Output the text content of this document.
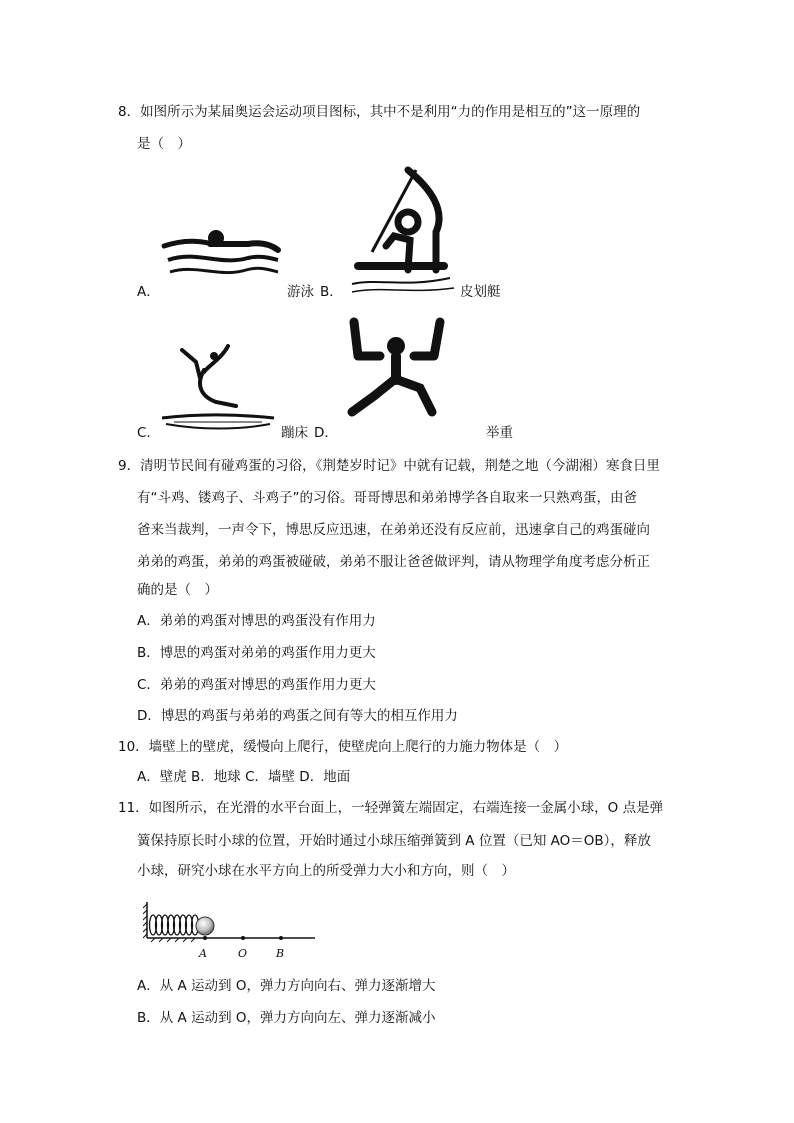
8．如图所示为某届奥运会运动项目图标，其中不是利用“力的作用是相互的”这一原理的
是（　）
A．	游泳 B．	皮划艇
C．	蹦床 D．	举重
9．清明节民间有碰鸡蛋的习俗，《荆楚岁时记》中就有记载，荆楚之地（今湖湘）寒食日里
有“斗鸡、镂鸡子、斗鸡子”的习俗。哥哥博思和弟弟博学各自取来一只熟鸡蛋，由爸
爸来当裁判，一声令下，博思反应迅速，在弟弟还没有反应前，迅速拿自己的鸡蛋碰向
弟弟的鸡蛋，弟弟的鸡蛋被碰破，弟弟不服让爸爸做评判，请从物理学角度考虑分析正
确的是（　）
A．弟弟的鸡蛋对博思的鸡蛋没有作用力
B．博思的鸡蛋对弟弟的鸡蛋作用力更大
C．弟弟的鸡蛋对博思的鸡蛋作用力更大
D．博思的鸡蛋与弟弟的鸡蛋之间有等大的相互作用力
10．墙壁上的壁虎，缓慢向上爬行，使壁虎向上爬行的力施力物体是（　）
A．壁虎 B．地球 C．墙壁 D．地面
11．如图所示，在光滑的水平台面上，一轻弹簧左端固定，右端连接一金属小球，O 点是弹
簧保持原长时小球的位置，开始时通过小球压缩弹簧到 A 位置（已知 AO＝OB），释放
小球，研究小球在水平方向上的所受弹力大小和方向，则（　）
A	O	B
A．从 A 运动到 O，弹力方向向右、弹力逐渐增大
B．从 A 运动到 O，弹力方向向左、弹力逐渐减小
